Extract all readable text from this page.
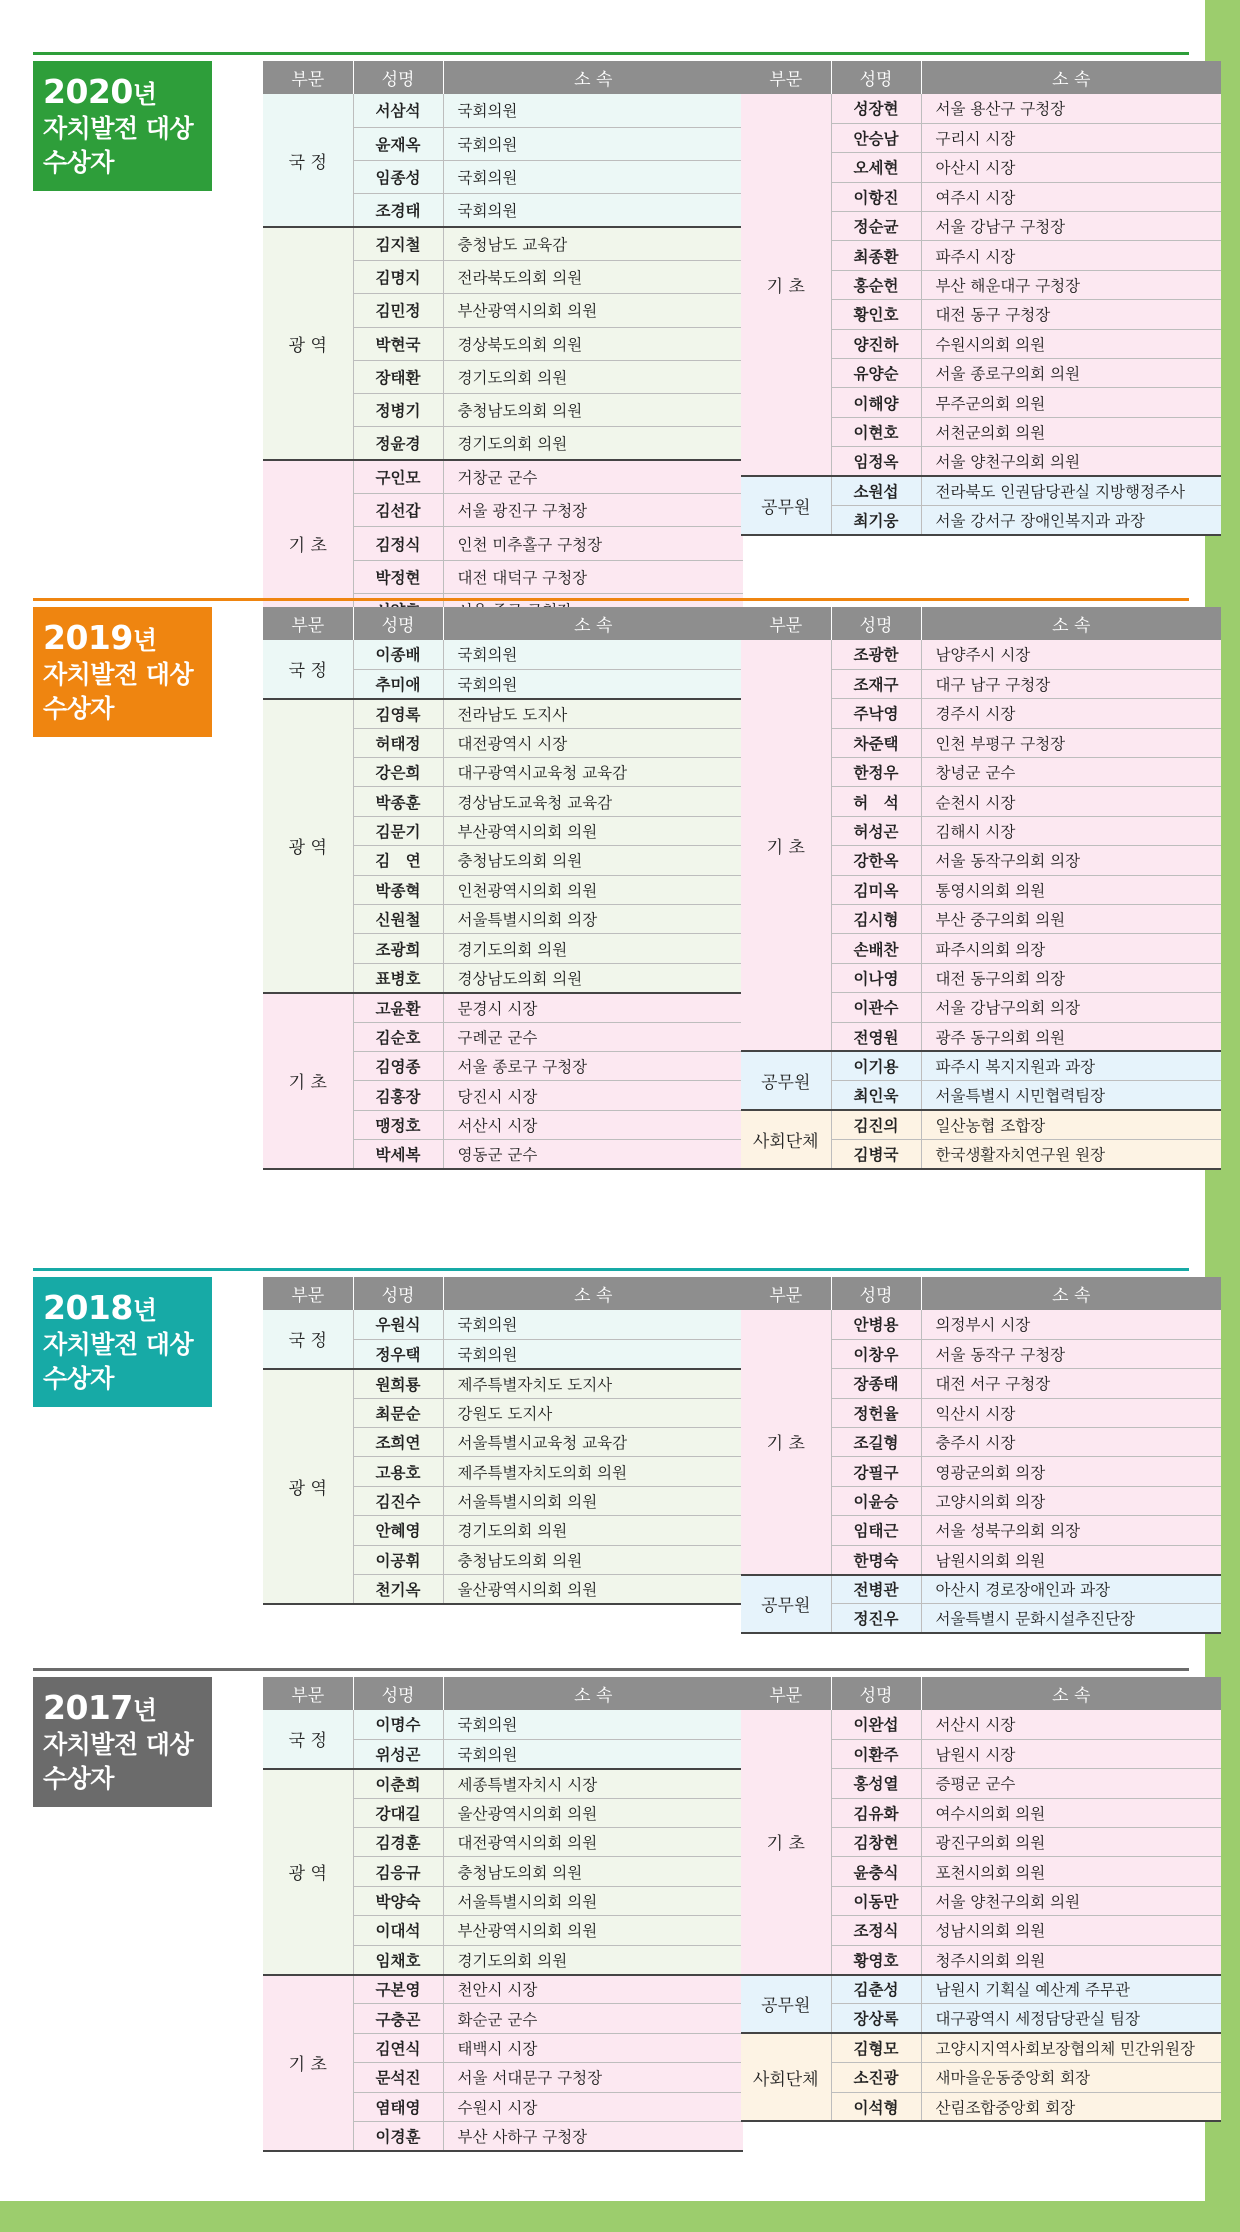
2020년
자치발전 대상
수상자
부문	성명	소 속
국 정	서삼석	국회의원
	윤재옥	국회의원
	임종성	국회의원
	조경태	국회의원
광 역	김지철	충청남도 교육감
	김명지	전라북도의회 의원
	김민정	부산광역시의회 의원
	박현국	경상북도의회 의원
	장태환	경기도의회 의원
	정병기	충청남도의회 의원
	정윤경	경기도의회 의원
기 초	구인모	거창군 군수
	김선갑	서울 광진구 구청장
	김정식	인천 미추홀구 구청장
	박정현	대전 대덕구 구청장

부문	성명	소 속
기 초	성장현	서울 용산구 구청장
	안승남	구리시 시장
	오세현	아산시 시장
	이항진	여주시 시장
	정순균	서울 강남구 구청장
	최종환	파주시 시장
	홍순헌	부산 해운대구 구청장
	황인호	대전 동구 구청장
	양진하	수원시의회 의원
	유양순	서울 종로구의회 의원
	이해양	무주군의회 의원
	이현호	서천군의회 의원
	임정옥	서울 양천구의회 의원
공무원	소원섭	전라북도 인권담당관실 지방행정주사
	최기웅	서울 강서구 장애인복지과 과장
2019년
자치발전 대상
수상자
부문	성명	소 속
국 정	이종배	국회의원
	추미애	국회의원
광 역	김영록	전라남도 도지사
	허태정	대전광역시 시장
	강은희	대구광역시교육청 교육감
	박종훈	경상남도교육청 교육감
	김문기	부산광역시의회 의원
	김　연	충청남도의회 의원
	박종혁	인천광역시의회 의원
	신원철	서울특별시의회 의장
	조광희	경기도의회 의원
	표병호	경상남도의회 의원
기 초	고윤환	문경시 시장
	김순호	구례군 군수
	김영종	서울 종로구 구청장
	김홍장	당진시 시장
	맹정호	서산시 시장
	박세복	영동군 군수
부문	성명	소 속
기 초	조광한	남양주시 시장
	조재구	대구 남구 구청장
	주낙영	경주시 시장
	차준택	인천 부평구 구청장
	한정우	창녕군 군수
	허　석	순천시 시장
	허성곤	김해시 시장
	강한옥	서울 동작구의회 의장
	김미옥	통영시의회 의원
	김시형	부산 중구의회 의원
	손배찬	파주시의회 의장
	이나영	대전 동구의회 의장
	이관수	서울 강남구의회 의장
	전영원	광주 동구의회 의원
공무원	이기용	파주시 복지지원과 과장
	최인욱	서울특별시 시민협력팀장
사회단체	김진의	일산농협 조합장
	김병국	한국생활자치연구원 원장
2018년
자치발전 대상
수상자
부문	성명	소 속
국 정	우원식	국회의원
	정우택	국회의원
광 역	원희룡	제주특별자치도 도지사
	최문순	강원도 도지사
	조희연	서울특별시교육청 교육감
	고용호	제주특별자치도의회 의원
	김진수	서울특별시의회 의원
	안혜영	경기도의회 의원
	이공휘	충청남도의회 의원
	천기옥	울산광역시의회 의원
부문	성명	소 속
기 초	안병용	의정부시 시장
	이창우	서울 동작구 구청장
	장종태	대전 서구 구청장
	정헌율	익산시 시장
	조길형	충주시 시장
	강필구	영광군의회 의장
	이윤승	고양시의회 의장
	임태근	서울 성북구의회 의장
	한명숙	남원시의회 의원
공무원	전병관	아산시 경로장애인과 과장
	정진우	서울특별시 문화시설추진단장
2017년
자치발전 대상
수상자
부문	성명	소 속
국 정	이명수	국회의원
	위성곤	국회의원
광 역	이춘희	세종특별자치시 시장
	강대길	울산광역시의회 의원
	김경훈	대전광역시의회 의원
	김응규	충청남도의회 의원
	박양숙	서울특별시의회 의원
	이대석	부산광역시의회 의원
	임채호	경기도의회 의원
기 초	구본영	천안시 시장
	구충곤	화순군 군수
	김연식	태백시 시장
	문석진	서울 서대문구 구청장
	염태영	수원시 시장
	이경훈	부산 사하구 구청장
부문	성명	소 속
기 초	이완섭	서산시 시장
	이환주	남원시 시장
	홍성열	증평군 군수
	김유화	여수시의회 의원
	김창현	광진구의회 의원
	윤충식	포천시의회 의원
	이동만	서울 양천구의회 의원
	조정식	성남시의회 의원
	황영호	청주시의회 의원
공무원	김춘성	남원시 기획실 예산계 주무관
	장상록	대구광역시 세정담당관실 팀장
사회단체	김형모	고양시지역사회보장협의체 민간위원장
	소진광	새마을운동중앙회 회장
	이석형	산림조합중앙회 회장
